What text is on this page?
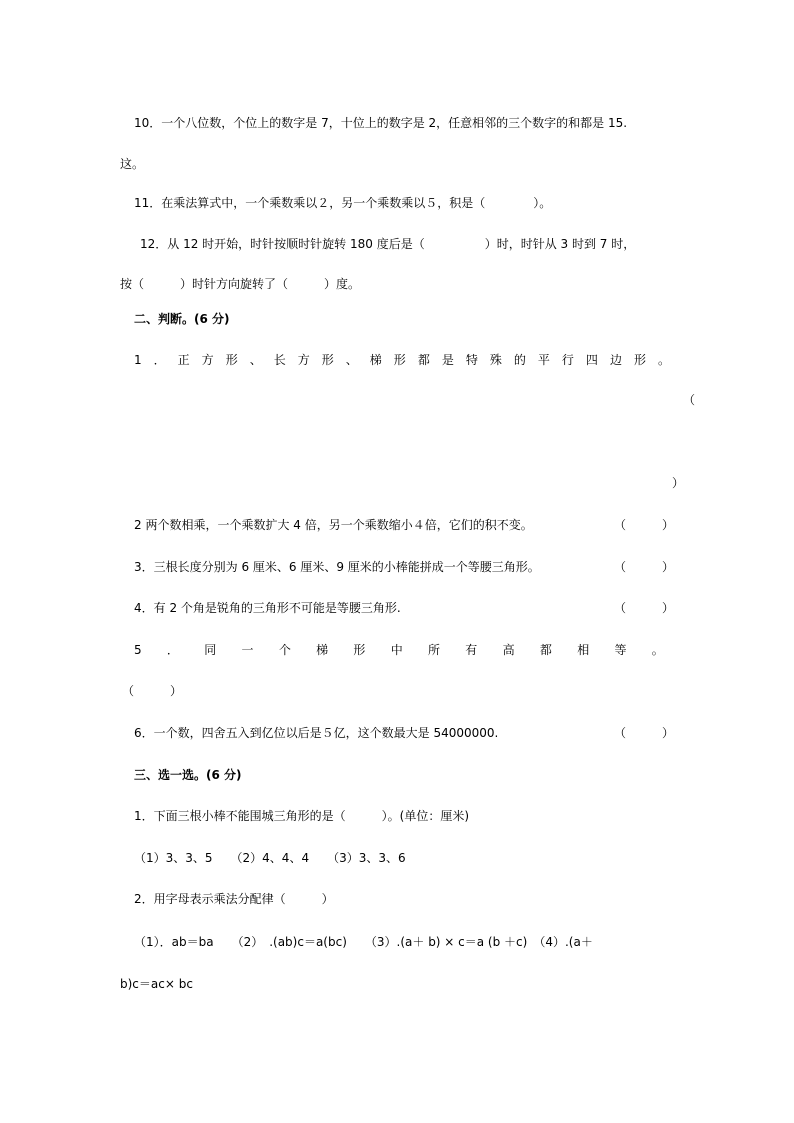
10．一个八位数，个位上的数字是 7，十位上的数字是 2，任意相邻的三个数字的和都是 15.
这。
11．在乘法算式中，一个乘数乘以２，另一个乘数乘以５，积是（　　　　）。
12．从 12 时开始，时针按顺时针旋转 180 度后是（　　　　　）时，时针从 3 时到 7 时，
按（　　　）时针方向旋转了（　　　）度。
二、判断。(6 分)
1 ． 正 方 形 、 长 方 形 、 梯 形 都 是 特 殊 的 平 行 四 边 形 。
（
）
2 两个数相乘，一个乘数扩大 4 倍，另一个乘数缩小４倍，它们的积不变。	（　　　）
3．三根长度分别为 6 厘米、6 厘米、9 厘米的小棒能拼成一个等腰三角形。	（　　　）
4．有 2 个角是锐角的三角形不可能是等腰三角形.	（　　　）
5 ． 同 一 个 梯 形 中 所 有 高 都 相 等 。
（　　　）
6．一个数，四舍五入到亿位以后是５亿，这个数最大是 54000000.	（　　　）
三、选一选。(6 分)
1．下面三根小棒不能围城三角形的是（　　　）。(单位：厘米)
（1）3、3、5　　（2）4、4、4　　（3）3、3、6
2．用字母表示乘法分配律（　　　）
（1）．ab＝ba　　（2）　.(ab)c＝a(bc)　　（3）.(a＋ b) × c＝a (b ＋c)　（4）.(a＋
b)c＝ac× bc
